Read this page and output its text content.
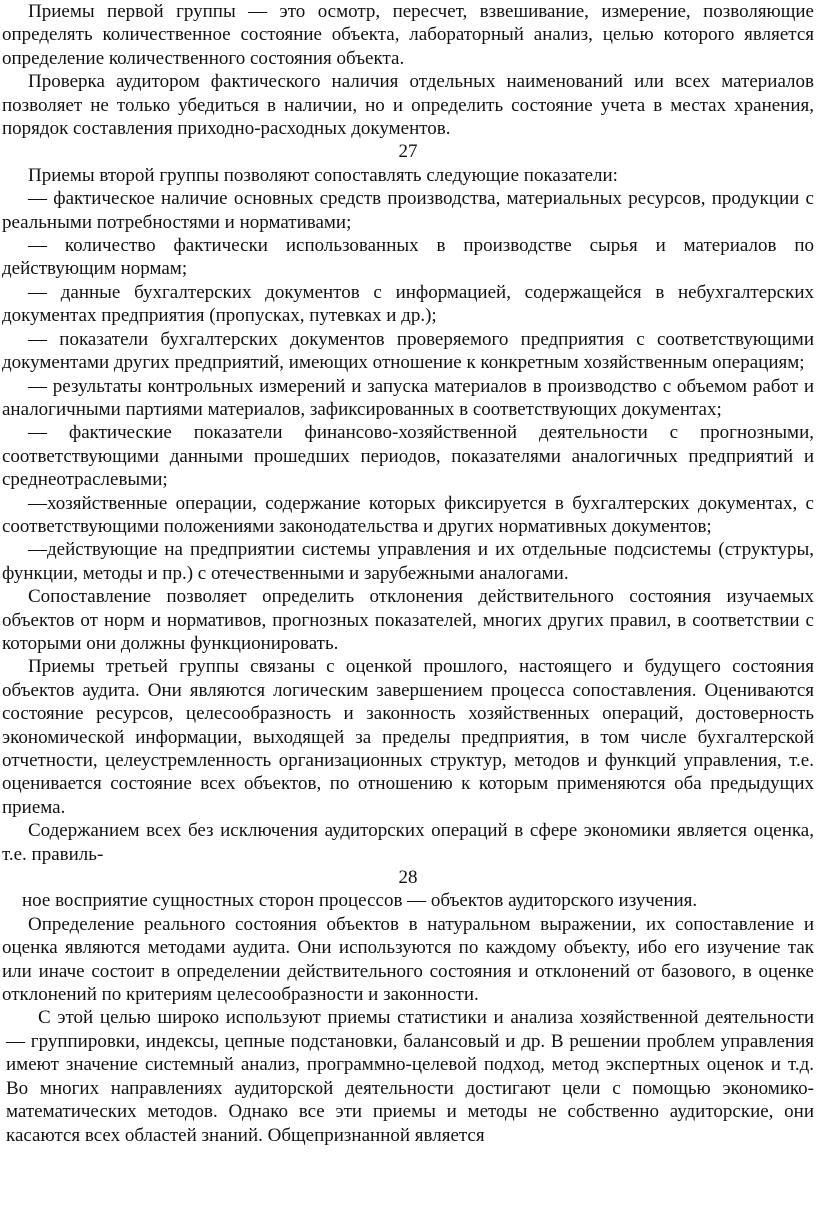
Приемы первой группы — это осмотр, пересчет, взвешивание, измерение, позволяющие определять количественное состояние объекта, лабораторный анализ, целью которого является определение количественного состояния объекта.

Проверка аудитором фактического наличия отдельных наименований или всех материалов позволяет не только убедиться в наличии, но и определить состояние учета в местах хранения, порядок составления приходно-расходных документов.

27

Приемы второй группы позволяют сопоставлять следующие показатели:

— фактическое наличие основных средств производства, материальных ресурсов, продукции с реальными потребностями и нормативами;

— количество фактически использованных в производстве сырья и материалов по действующим нормам;

— данные бухгалтерских документов с информацией, содержащейся в небухгалтерских документах предприятия (пропусках, путевках и др.);

— показатели бухгалтерских документов проверяемого предприятия с соответствующими документами других предприятий, имеющих отношение к конкретным хозяйственным операциям;

— результаты контрольных измерений и запуска материалов в производство с объемом работ и аналогичными партиями материалов, зафиксированных в соответствующих документах;

— фактические показатели финансово-хозяйственной деятельности с прогнозными, соответствующими данными прошедших периодов, показателями аналогичных предприятий и среднеотраслевыми;

—хозяйственные операции, содержание которых фиксируется в бухгалтерских документах, с соответствующими положениями законодательства и других нормативных документов;

—действующие на предприятии системы управления и их отдельные подсистемы (структуры, функции, методы и пр.) с отечественными и зарубежными аналогами.

Сопоставление позволяет определить отклонения действительного состояния изучаемых объектов от норм и нормативов, прогнозных показателей, многих других правил, в соответствии с которыми они должны функционировать.

Приемы третьей группы связаны с оценкой прошлого, настоящего и будущего состояния объектов аудита. Они являются логическим завершением процесса сопоставления. Оцениваются состояние ресурсов, целесообразность и законность хозяйственных операций, достоверность экономической информации, выходящей за пределы предприятия, в том числе бухгалтерской отчетности, целеустремленность организационных структур, методов и функций управления, т.е. оценивается состояние всех объектов, по отношению к которым применяются оба предыдущих приема.

Содержанием всех без исключения аудиторских операций в сфере экономики является оценка, т.е. правиль-

28

ное восприятие сущностных сторон процессов — объектов аудиторского изучения.

Определение реального состояния объектов в натуральном выражении, их сопоставление и оценка являются методами аудита. Они используются по каждому объекту, ибо его изучение так или иначе состоит в определении действительного состояния и отклонений от базового, в оценке отклонений по критериям целесообразности и законности.

С этой целью широко используют приемы статистики и анализа хозяйственной деятельности — группировки, индексы, цепные подстановки, балансовый и др. В решении проблем управления имеют значение системный анализ, программно-целевой подход, метод экспертных оценок и т.д. Во многих направлениях аудиторской деятельности достигают цели с помощью экономико-математических методов. Однако все эти приемы и методы не собственно аудиторские, они касаются всех областей знаний. Общепризнанной является
